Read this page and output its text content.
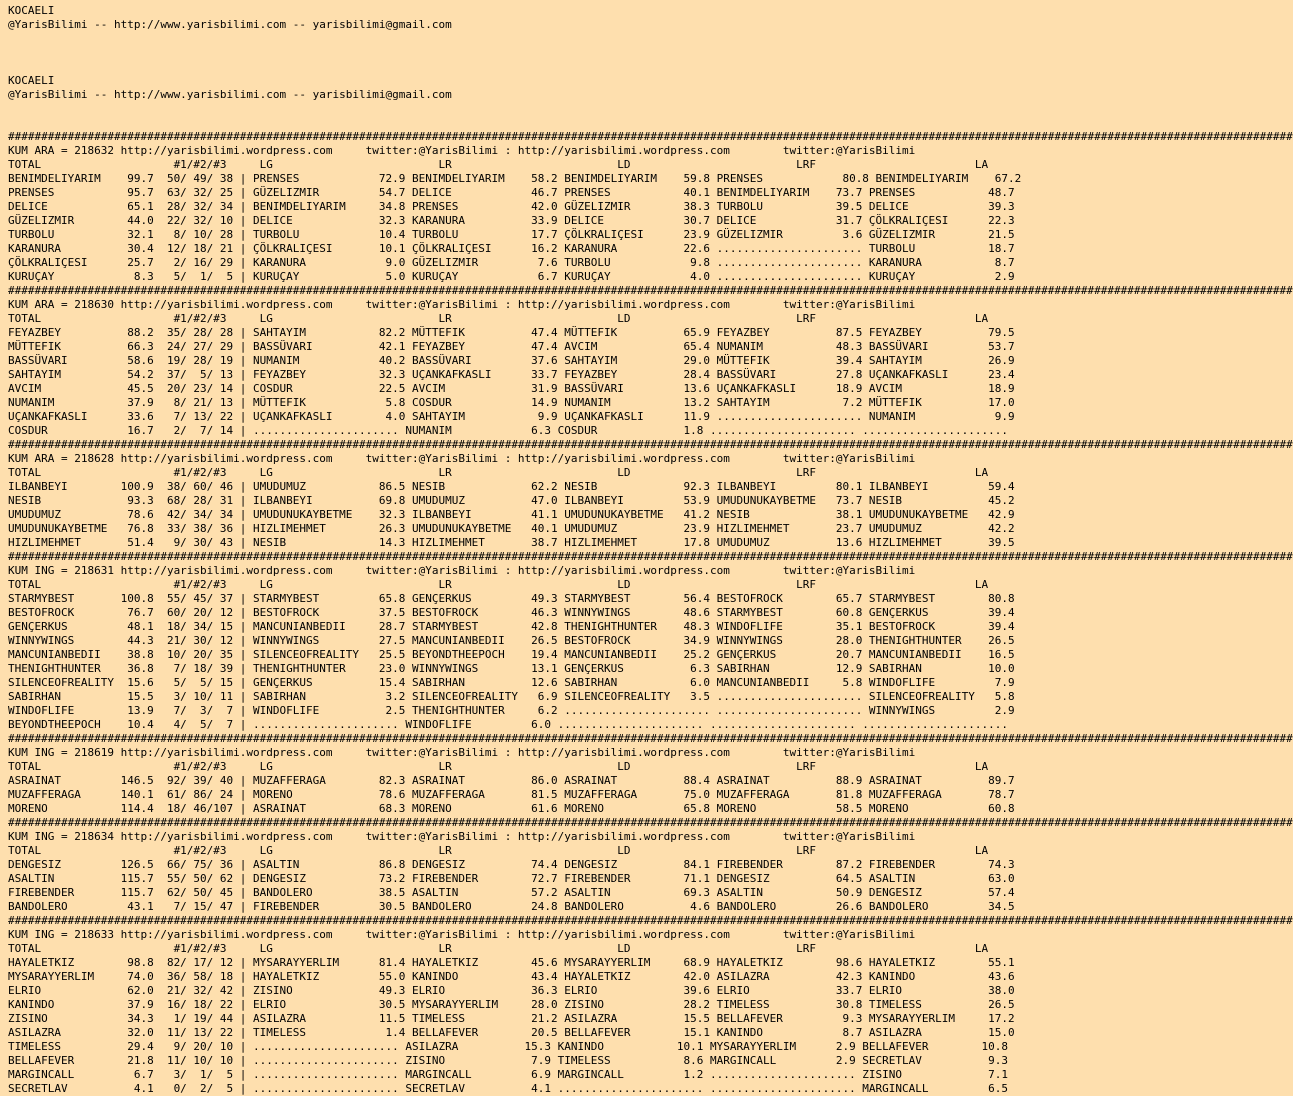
KOCAELI
@YarisBilimi -- http://www.yarisbilimi.com -- yarisbilimi@gmail.com
KOCAELI
@YarisBilimi -- http://www.yarisbilimi.com -- yarisbilimi@gmail.com
##################################################################################################################################################################################################
KUM ARA = 218632 http://yarisbilimi.wordpress.com     twitter:@YarisBilimi : http://yarisbilimi.wordpress.com        twitter:@YarisBilimi
TOTAL                    #1/#2/#3     LG                         LR                         LD                         LRF                        LA
BENIMDELIYARIM    99.7  50/ 49/ 38 | PRENSES            72.9 BENIMDELIYARIM    58.2 BENIMDELIYARIM    59.8 PRENSES            80.8 BENIMDELIYARIM    67.2
PRENSES           95.7  63/ 32/ 25 | GÜZELIZMIR         54.7 DELICE            46.7 PRENSES           40.1 BENIMDELIYARIM    73.7 PRENSES           48.7
DELICE            65.1  28/ 32/ 34 | BENIMDELIYARIM     34.8 PRENSES           42.0 GÜZELIZMIR        38.3 TURBOLU           39.5 DELICE            39.3
GÜZELIZMIR        44.0  22/ 32/ 10 | DELICE             32.3 KARANURA          33.9 DELICE            30.7 DELICE            31.7 ÇÖLKRALIÇESI      22.3
TURBOLU           32.1   8/ 10/ 28 | TURBOLU            10.4 TURBOLU           17.7 ÇÖLKRALIÇESI      23.9 GÜZELIZMIR         3.6 GÜZELIZMIR        21.5
KARANURA          30.4  12/ 18/ 21 | ÇÖLKRALIÇESI       10.1 ÇÖLKRALIÇESI      16.2 KARANURA          22.6 ...................... TURBOLU           18.7
ÇÖLKRALIÇESI      25.7   2/ 16/ 29 | KARANURA            9.0 GÜZELIZMIR         7.6 TURBOLU            9.8 ...................... KARANURA           8.7
KURUÇAY            8.3   5/  1/  5 | KURUÇAY             5.0 KURUÇAY            6.7 KURUÇAY            4.0 ...................... KURUÇAY            2.9
##################################################################################################################################################################################################
KUM ARA = 218630 http://yarisbilimi.wordpress.com     twitter:@YarisBilimi : http://yarisbilimi.wordpress.com        twitter:@YarisBilimi
TOTAL                    #1/#2/#3     LG                         LR                         LD                         LRF                        LA
FEYAZBEY          88.2  35/ 28/ 28 | SAHTAYIM           82.2 MÜTTEFIK          47.4 MÜTTEFIK          65.9 FEYAZBEY          87.5 FEYAZBEY          79.5
MÜTTEFIK          66.3  24/ 27/ 29 | BASSÜVARI          42.1 FEYAZBEY          47.4 AVCIM             65.4 NUMANIM           48.3 BASSÜVARI         53.7
BASSÜVARI         58.6  19/ 28/ 19 | NUMANIM            40.2 BASSÜVARI         37.6 SAHTAYIM          29.0 MÜTTEFIK          39.4 SAHTAYIM          26.9
SAHTAYIM          54.2  37/  5/ 13 | FEYAZBEY           32.3 UÇANKAFKASLI      33.7 FEYAZBEY          28.4 BASSÜVARI         27.8 UÇANKAFKASLI      23.4
AVCIM             45.5  20/ 23/ 14 | COSDUR             22.5 AVCIM             31.9 BASSÜVARI         13.6 UÇANKAFKASLI      18.9 AVCIM             18.9
NUMANIM           37.9   8/ 21/ 13 | MÜTTEFIK            5.8 COSDUR            14.9 NUMANIM           13.2 SAHTAYIM           7.2 MÜTTEFIK          17.0
UÇANKAFKASLI      33.6   7/ 13/ 22 | UÇANKAFKASLI        4.0 SAHTAYIM           9.9 UÇANKAFKASLI      11.9 ...................... NUMANIM            9.9
COSDUR            16.7   2/  7/ 14 | ...................... NUMANIM            6.3 COSDUR             1.8 ...................... ......................
##################################################################################################################################################################################################
KUM ARA = 218628 http://yarisbilimi.wordpress.com     twitter:@YarisBilimi : http://yarisbilimi.wordpress.com        twitter:@YarisBilimi
TOTAL                    #1/#2/#3     LG                         LR                         LD                         LRF                        LA
ILBANBEYI        100.9  38/ 60/ 46 | UMUDUMUZ           86.5 NESIB             62.2 NESIB             92.3 ILBANBEYI         80.1 ILBANBEYI         59.4
NESIB             93.3  68/ 28/ 31 | ILBANBEYI          69.8 UMUDUMUZ          47.0 ILBANBEYI         53.9 UMUDUNUKAYBETME   73.7 NESIB             45.2
UMUDUMUZ          78.6  42/ 34/ 34 | UMUDUNUKAYBETME    32.3 ILBANBEYI         41.1 UMUDUNUKAYBETME   41.2 NESIB             38.1 UMUDUNUKAYBETME   42.9
UMUDUNUKAYBETME   76.8  33/ 38/ 36 | HIZLIMEHMET        26.3 UMUDUNUKAYBETME   40.1 UMUDUMUZ          23.9 HIZLIMEHMET       23.7 UMUDUMUZ          42.2
HIZLIMEHMET       51.4   9/ 30/ 43 | NESIB              14.3 HIZLIMEHMET       38.7 HIZLIMEHMET       17.8 UMUDUMUZ          13.6 HIZLIMEHMET       39.5
##################################################################################################################################################################################################
KUM ING = 218631 http://yarisbilimi.wordpress.com     twitter:@YarisBilimi : http://yarisbilimi.wordpress.com        twitter:@YarisBilimi
TOTAL                    #1/#2/#3     LG                         LR                         LD                         LRF                        LA
STARMYBEST       100.8  55/ 45/ 37 | STARMYBEST         65.8 GENÇERKUS         49.3 STARMYBEST        56.4 BESTOFROCK        65.7 STARMYBEST        80.8
BESTOFROCK        76.7  60/ 20/ 12 | BESTOFROCK         37.5 BESTOFROCK        46.3 WINNYWINGS        48.6 STARMYBEST        60.8 GENÇERKUS         39.4
GENÇERKUS         48.1  18/ 34/ 15 | MANCUNIANBEDII     28.7 STARMYBEST        42.8 THENIGHTHUNTER    48.3 WINDOFLIFE        35.1 BESTOFROCK        39.4
WINNYWINGS        44.3  21/ 30/ 12 | WINNYWINGS         27.5 MANCUNIANBEDII    26.5 BESTOFROCK        34.9 WINNYWINGS        28.0 THENIGHTHUNTER    26.5
MANCUNIANBEDII    38.8  10/ 20/ 35 | SILENCEOFREALITY   25.5 BEYONDTHEEPOCH    19.4 MANCUNIANBEDII    25.2 GENÇERKUS         20.7 MANCUNIANBEDII    16.5
THENIGHTHUNTER    36.8   7/ 18/ 39 | THENIGHTHUNTER     23.0 WINNYWINGS        13.1 GENÇERKUS          6.3 SABIRHAN          12.9 SABIRHAN          10.0
SILENCEOFREALITY  15.6   5/  5/ 15 | GENÇERKUS          15.4 SABIRHAN          12.6 SABIRHAN           6.0 MANCUNIANBEDII     5.8 WINDOFLIFE         7.9
SABIRHAN          15.5   3/ 10/ 11 | SABIRHAN            3.2 SILENCEOFREALITY   6.9 SILENCEOFREALITY   3.5 ...................... SILENCEOFREALITY   5.8
WINDOFLIFE        13.9   7/  3/  7 | WINDOFLIFE          2.5 THENIGHTHUNTER     6.2 ...................... ...................... WINNYWINGS         2.9
BEYONDTHEEPOCH    10.4   4/  5/  7 | ...................... WINDOFLIFE         6.0 ...................... ...................... ......................
##################################################################################################################################################################################################
KUM ING = 218619 http://yarisbilimi.wordpress.com     twitter:@YarisBilimi : http://yarisbilimi.wordpress.com        twitter:@YarisBilimi
TOTAL                    #1/#2/#3     LG                         LR                         LD                         LRF                        LA
ASRAINAT         146.5  92/ 39/ 40 | MUZAFFERAGA        82.3 ASRAINAT          86.0 ASRAINAT          88.4 ASRAINAT          88.9 ASRAINAT          89.7
MUZAFFERAGA      140.1  61/ 86/ 24 | MORENO             78.6 MUZAFFERAGA       81.5 MUZAFFERAGA       75.0 MUZAFFERAGA       81.8 MUZAFFERAGA       78.7
MORENO           114.4  18/ 46/107 | ASRAINAT           68.3 MORENO            61.6 MORENO            65.8 MORENO            58.5 MORENO            60.8
##################################################################################################################################################################################################
KUM ING = 218634 http://yarisbilimi.wordpress.com     twitter:@YarisBilimi : http://yarisbilimi.wordpress.com        twitter:@YarisBilimi
TOTAL                    #1/#2/#3     LG                         LR                         LD                         LRF                        LA
DENGESIZ         126.5  66/ 75/ 36 | ASALTIN            86.8 DENGESIZ          74.4 DENGESIZ          84.1 FIREBENDER        87.2 FIREBENDER        74.3
ASALTIN          115.7  55/ 50/ 62 | DENGESIZ           73.2 FIREBENDER        72.7 FIREBENDER        71.1 DENGESIZ          64.5 ASALTIN           63.0
FIREBENDER       115.7  62/ 50/ 45 | BANDOLERO          38.5 ASALTIN           57.2 ASALTIN           69.3 ASALTIN           50.9 DENGESIZ          57.4
BANDOLERO         43.1   7/ 15/ 47 | FIREBENDER         30.5 BANDOLERO         24.8 BANDOLERO          4.6 BANDOLERO         26.6 BANDOLERO         34.5
##################################################################################################################################################################################################
KUM ING = 218633 http://yarisbilimi.wordpress.com     twitter:@YarisBilimi : http://yarisbilimi.wordpress.com        twitter:@YarisBilimi
TOTAL                    #1/#2/#3     LG                         LR                         LD                         LRF                        LA
HAYALETKIZ        98.8  82/ 17/ 12 | MYSARAYYERLIM      81.4 HAYALETKIZ        45.6 MYSARAYYERLIM     68.9 HAYALETKIZ        98.6 HAYALETKIZ        55.1
MYSARAYYERLIM     74.0  36/ 58/ 18 | HAYALETKIZ         55.0 KANINDO           43.4 HAYALETKIZ        42.0 ASILAZRA          42.3 KANINDO           43.6
ELRIO             62.0  21/ 32/ 42 | ZISINO             49.3 ELRIO             36.3 ELRIO             39.6 ELRIO             33.7 ELRIO             38.0
KANINDO           37.9  16/ 18/ 22 | ELRIO              30.5 MYSARAYYERLIM     28.0 ZISINO            28.2 TIMELESS          30.8 TIMELESS          26.5
ZISINO            34.3   1/ 19/ 44 | ASILAZRA           11.5 TIMELESS          21.2 ASILAZRA          15.5 BELLAFEVER         9.3 MYSARAYYERLIM     17.2
ASILAZRA          32.0  11/ 13/ 22 | TIMELESS            1.4 BELLAFEVER        20.5 BELLAFEVER        15.1 KANINDO            8.7 ASILAZRA          15.0
TIMELESS          29.4   9/ 20/ 10 | ...................... ASILAZRA          15.3 KANINDO           10.1 MYSARAYYERLIM      2.9 BELLAFEVER        10.8
BELLAFEVER        21.8  11/ 10/ 10 | ...................... ZISINO             7.9 TIMELESS           8.6 MARGINCALL         2.9 SECRETLAV          9.3
MARGINCALL         6.7   3/  1/  5 | ...................... MARGINCALL         6.9 MARGINCALL         1.2 ...................... ZISINO             7.1
SECRETLAV          4.1   0/  2/  5 | ...................... SECRETLAV          4.1 ...................... ...................... MARGINCALL         6.5
